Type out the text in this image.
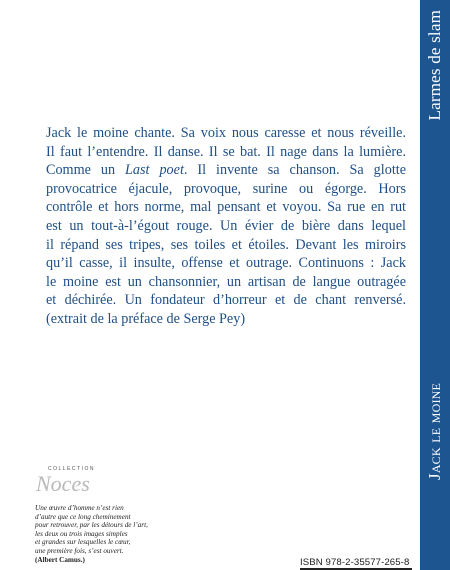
Jack le moine chante. Sa voix nous caresse et nous réveille.
Il faut l’entendre. Il danse. Il se bat. Il nage dans la lumière.
Comme un Last poet. Il invente sa chanson. Sa glotte
provocatrice éjacule, provoque, surine ou égorge. Hors
contrôle et hors norme, mal pensant et voyou. Sa rue en rut
est un tout-à-l’égout rouge. Un évier de bière dans lequel
il répand ses tripes, ses toiles et étoiles. Devant les miroirs
qu’il casse, il insulte, offense et outrage. Continuons : Jack
le moine est un chansonnier, un artisan de langue outragée
et déchirée. Un fondateur d’horreur et de chant renversé.
(extrait de la préface de Serge Pey)

Jack le moine
Larmes de slam
COLLECTION
Noces
Une œuvre d’homme n’est rien
d’autre que ce long cheminement
pour retrouver, par les détours de l’art,
les deux ou trois images simples
et grandes sur lesquelles le cœur,
une première fois, s’est ouvert.
(Albert Camus.)	ISBN 978-2-35577-265-8
